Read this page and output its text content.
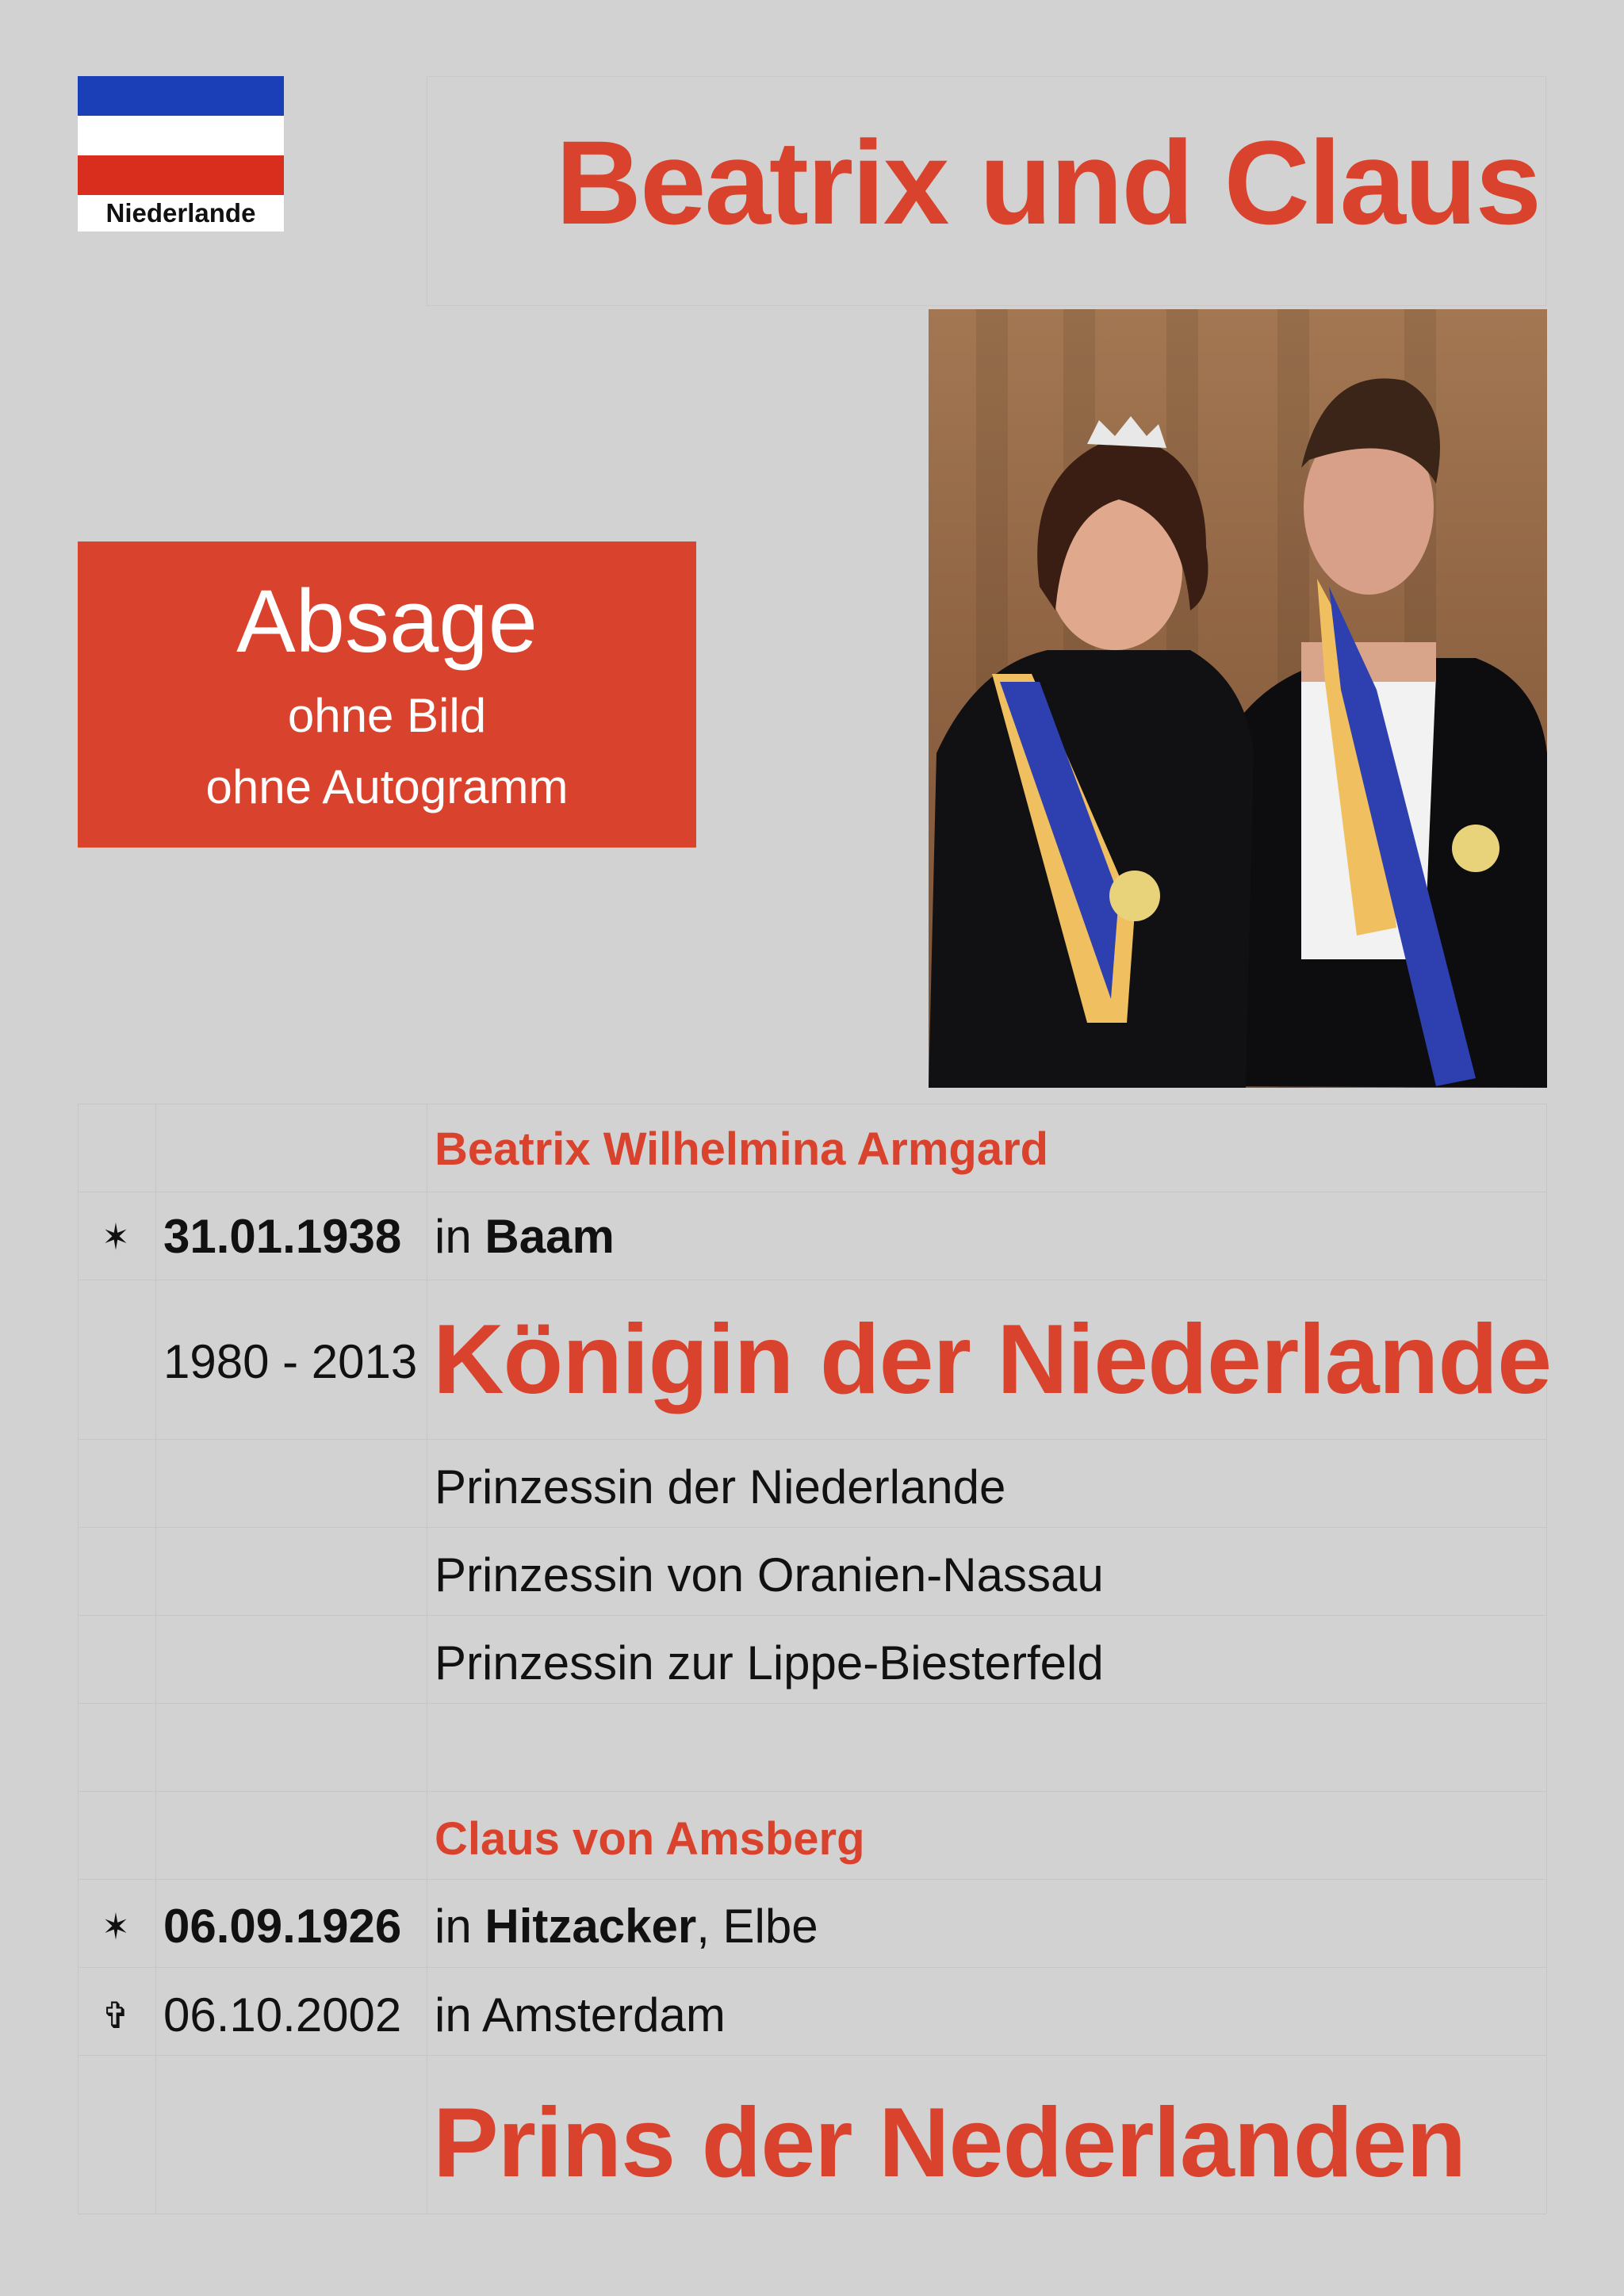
Niederlande	Beatrix und Claus
Absage
ohne Bild
ohne Autogramm
Beatrix Wilhelmina Armgard
✶ 31.01.1938 in Baam
1980 - 2013 Königin der Niederlande
Prinzessin der Niederlande
Prinzessin von Oranien-Nassau
Prinzessin zur Lippe-Biesterfeld
Claus von Amsberg
✶ 06.09.1926 in Hitzacker, Elbe
✞ 06.10.2002 in Amsterdam
Prins der Nederlanden
